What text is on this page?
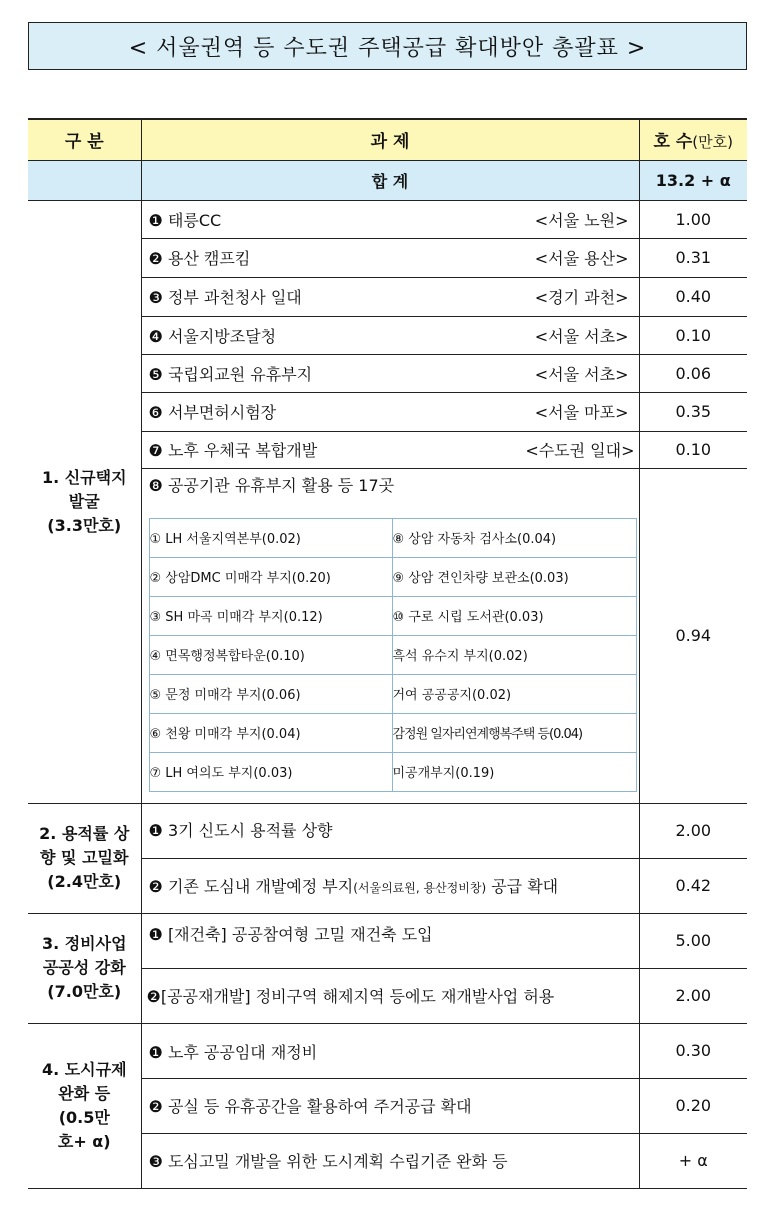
< 서울권역 등 수도권 주택공급 확대방안 총괄표 >
구 분	과 제	호 수(만호)
	합 계	13.2 + α

1. 신규택지
발굴
(3.3만호)

❶ 태릉CC	<서울 노원>	1.00

❷ 용산 캠프킴	<서울 용산>	0.31

❸ 정부 과천청사 일대	<경기 과천>	0.40

❹ 서울지방조달청	<서울 서초>	0.10

❺ 국립외교원 유휴부지	<서울 서초>	0.06

❻ 서부면허시험장	<서울 마포>	0.35

❼ 노후 우체국 복합개발	<수도권 일대>	0.10

❽ 공공기관 유휴부지 활용 등 17곳
① LH 서울지역본부(0.02)	⑧ 상암 자동차 검사소(0.04)
② 상암DMC 미매각 부지(0.20)	⑨ 상암 견인차량 보관소(0.03)
③ SH 마곡 미매각 부지(0.12)	⑩ 구로 시립 도서관(0.03)
④ 면목행정복합타운(0.10)	흑석 유수지 부지(0.02)
⑤ 문정 미매각 부지(0.06)	거여 공공공지(0.02)
⑥ 천왕 미매각 부지(0.04)	감정원 일자리연계행복주택 등(0.04)
⑦ LH 여의도 부지(0.03)	미공개부지(0.19)
	0.94

2. 용적률 상
향 및 고밀화
(2.4만호)
	❶ 3기 신도시 용적률 상향	2.00
❷ 기존 도심내 개발예정 부지(서울의료원, 용산정비창) 공급 확대	0.42

3. 정비사업
공공성 강화
(7.0만호)
	❶ [재건축] 공공참여형 고밀 재건축 도입	5.00
❷[공공재개발] 정비구역 해제지역 등에도 재개발사업 허용	2.00

4. 도시규제
완화 등
(0.5만
호+ α)
	❶ 노후 공공임대 재정비	0.30
❷ 공실 등 유휴공간을 활용하여 주거공급 확대	0.20
❸ 도심고밀 개발을 위한 도시계획 수립기준 완화 등	+ α
